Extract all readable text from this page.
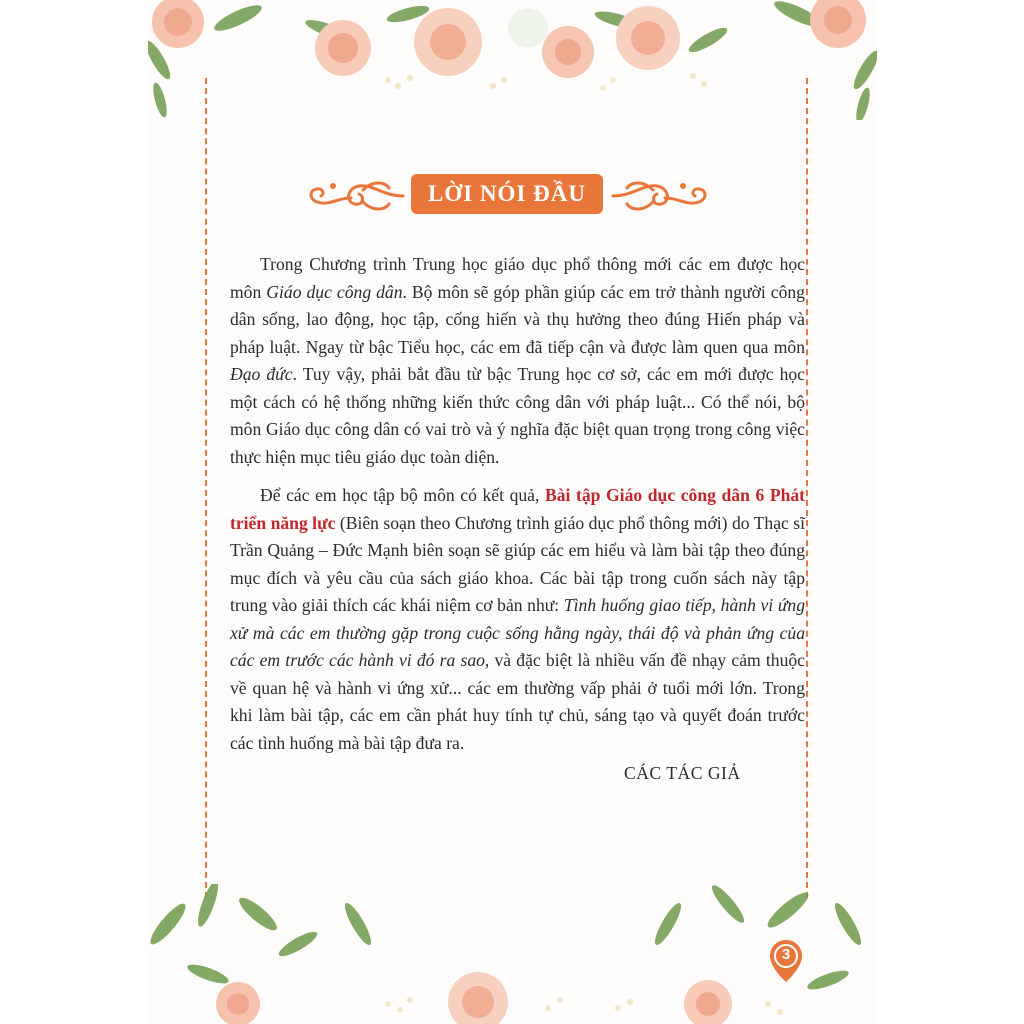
LỜI NÓI ĐẦU

Trong Chương trình Trung học giáo dục phổ thông mới các em được học môn Giáo dục công dân. Bộ môn sẽ góp phần giúp các em trở thành người công dân sống, lao động, học tập, cống hiến và thụ hưởng theo đúng Hiến pháp và pháp luật. Ngay từ bậc Tiểu học, các em đã tiếp cận và được làm quen qua môn Đạo đức. Tuy vậy, phải bắt đầu từ bậc Trung học cơ sở, các em mới được học một cách có hệ thống những kiến thức công dân với pháp luật... Có thể nói, bộ môn Giáo dục công dân có vai trò và ý nghĩa đặc biệt quan trọng trong công việc thực hiện mục tiêu giáo dục toàn diện.

Để các em học tập bộ môn có kết quả, Bài tập Giáo dục công dân 6 Phát triển năng lực (Biên soạn theo Chương trình giáo dục phổ thông mới) do Thạc sĩ Trần Quảng – Đức Mạnh biên soạn sẽ giúp các em hiểu và làm bài tập theo đúng mục đích và yêu cầu của sách giáo khoa. Các bài tập trong cuốn sách này tập trung vào giải thích các khái niệm cơ bản như: Tình huống giao tiếp, hành vi ứng xử mà các em thường gặp trong cuộc sống hằng ngày, thái độ và phản ứng của các em trước các hành vi đó ra sao, và đặc biệt là nhiều vấn đề nhạy cảm thuộc về quan hệ và hành vi ứng xử... các em thường vấp phải ở tuổi mới lớn. Trong khi làm bài tập, các em cần phát huy tính tự chủ, sáng tạo và quyết đoán trước các tình huống mà bài tập đưa ra.

CÁC TÁC GIẢ
3
